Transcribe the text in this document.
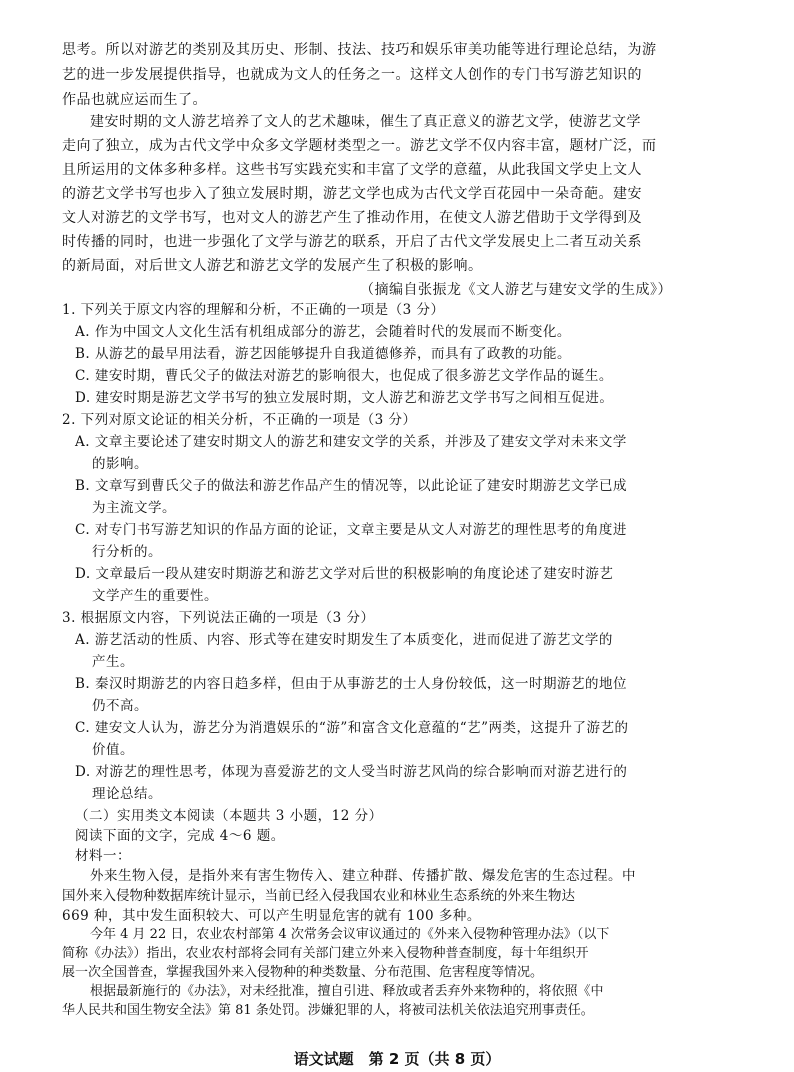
思考。所以对游艺的类别及其历史、形制、技法、技巧和娱乐审美功能等进行理论总结，为游
艺的进一步发展提供指导，也就成为文人的任务之一。这样文人创作的专门书写游艺知识的
作品也就应运而生了。
建安时期的文人游艺培养了文人的艺术趣味，催生了真正意义的游艺文学，使游艺文学
走向了独立，成为古代文学中众多文学题材类型之一。游艺文学不仅内容丰富，题材广泛，而
且所运用的文体多种多样。这些书写实践充实和丰富了文学的意蕴，从此我国文学史上文人
的游艺文学书写也步入了独立发展时期，游艺文学也成为古代文学百花园中一朵奇葩。建安
文人对游艺的文学书写，也对文人的游艺产生了推动作用，在使文人游艺借助于文学得到及
时传播的同时，也进一步强化了文学与游艺的联系，开启了古代文学发展史上二者互动关系
的新局面，对后世文人游艺和游艺文学的发展产生了积极的影响。
（摘编自张振龙《文人游艺与建安文学的生成》）
1. 下列关于原文内容的理解和分析，不正确的一项是（3 分）
A. 作为中国文人文化生活有机组成部分的游艺，会随着时代的发展而不断变化。
B. 从游艺的最早用法看，游艺因能够提升自我道德修养，而具有了政教的功能。
C. 建安时期，曹氏父子的做法对游艺的影响很大，也促成了很多游艺文学作品的诞生。
D. 建安时期是游艺文学书写的独立发展时期，文人游艺和游艺文学书写之间相互促进。
2. 下列对原文论证的相关分析，不正确的一项是（3 分）
A. 文章主要论述了建安时期文人的游艺和建安文学的关系，并涉及了建安文学对未来文学
的影响。
B. 文章写到曹氏父子的做法和游艺作品产生的情况等，以此论证了建安时期游艺文学已成
为主流文学。
C. 对专门书写游艺知识的作品方面的论证，文章主要是从文人对游艺的理性思考的角度进
行分析的。
D. 文章最后一段从建安时期游艺和游艺文学对后世的积极影响的角度论述了建安时游艺
文学产生的重要性。
3. 根据原文内容，下列说法正确的一项是（3 分）
A. 游艺活动的性质、内容、形式等在建安时期发生了本质变化，进而促进了游艺文学的
产生。
B. 秦汉时期游艺的内容日趋多样，但由于从事游艺的士人身份较低，这一时期游艺的地位
仍不高。
C. 建安文人认为，游艺分为消遣娱乐的“游”和富含文化意蕴的“艺”两类，这提升了游艺的
价值。
D. 对游艺的理性思考，体现为喜爱游艺的文人受当时游艺风尚的综合影响而对游艺进行的
理论总结。
（二）实用类文本阅读（本题共 3 小题，12 分）
阅读下面的文字，完成 4～6 题。
材料一：
外来生物入侵，是指外来有害生物传入、建立种群、传播扩散、爆发危害的生态过程。中
国外来入侵物种数据库统计显示，当前已经入侵我国农业和林业生态系统的外来生物达
669 种，其中发生面积较大、可以产生明显危害的就有 100 多种。
语文试题　第 2 页（共 8 页）
今年 4 月 22 日，农业农村部第 4 次常务会议审议通过的《外来入侵物种管理办法》（以下
简称《办法》）指出，农业农村部将会同有关部门建立外来入侵物种普查制度，每十年组织开
展一次全国普查，掌握我国外来入侵物种的种类数量、分布范围、危害程度等情况。
根据最新施行的《办法》，对未经批准，擅自引进、释放或者丢弃外来物种的，将依照《中
华人民共和国生物安全法》第 81 条处罚。涉嫌犯罪的人，将被司法机关依法追究刑事责任。
